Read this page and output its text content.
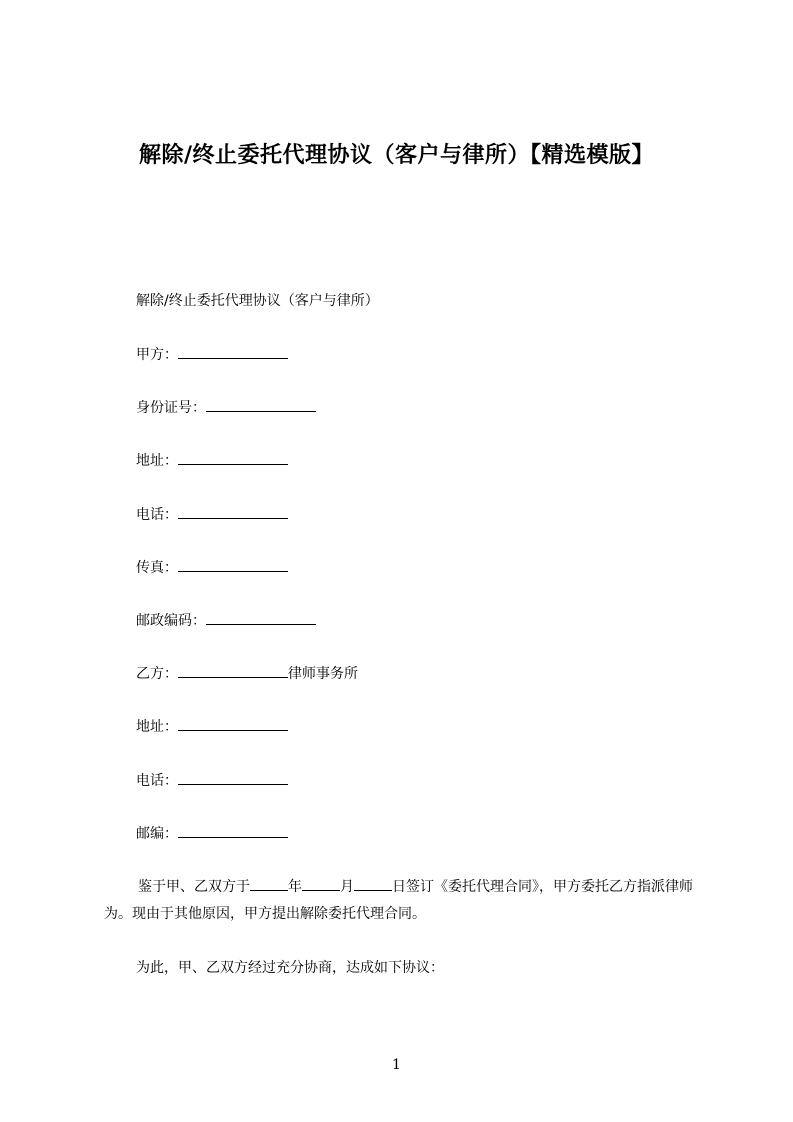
解除/终止委托代理协议（客户与律所）【精选模版】
解除/终止委托代理协议（客户与律所）
甲方：
身份证号：
地址：
电话：
传真：
邮政编码：
乙方：	律师事务所
地址：
电话：
邮编：
鉴于甲、乙双方于	年	月	日签订《委托代理合同》，甲方委托乙方指派律师为。现由于其他原因，甲方提出解除委托代理合同。
为此，甲、乙双方经过充分协商，达成如下协议：
1
